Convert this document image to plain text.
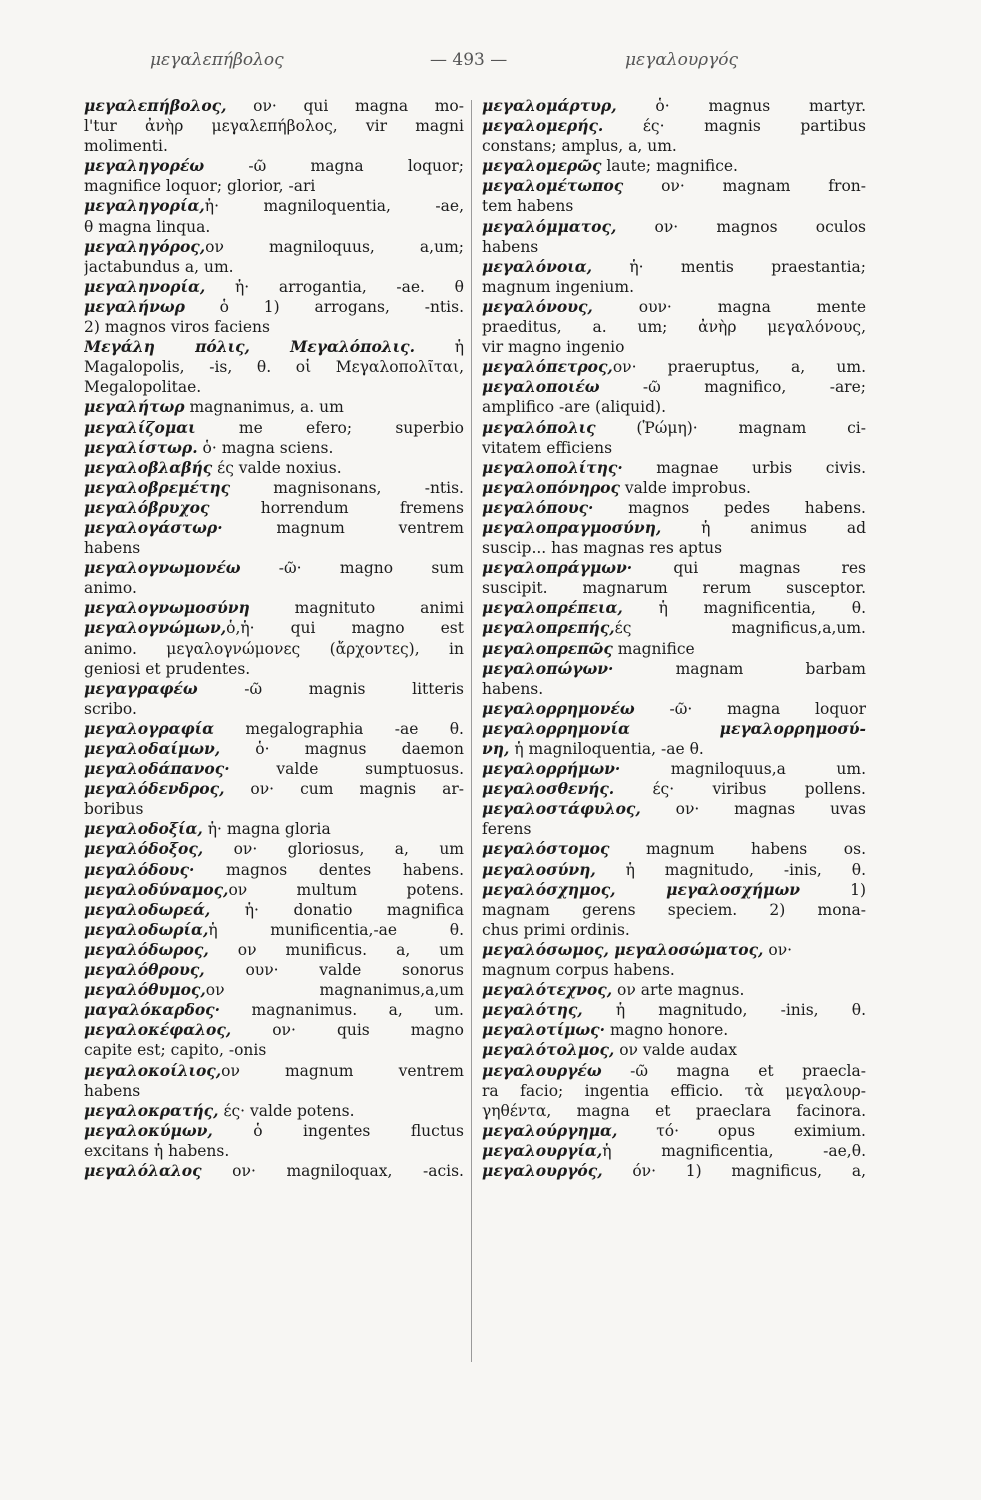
μεγαλεπήβολος	— 493 —	μεγαλουργός
μεγαλεπήβολος, ον· qui magna mo-
l'tur ἀνὴρ μεγαλεπήβολος, vir magni
molimenti.
μεγαληγορέω -ῶ magna loquor;
magnifice loquor; glorior, -ari
μεγαληγορία,ἡ· magniloquentia, -ae,
θ magna linqua.
μεγαληγόρος,ον magniloquus, a,um;
jactabundus a, um.
μεγαληνορία, ἡ· arrogantia, -ae. θ
μεγαλήνωρ ὁ 1) arrogans, -ntis.
2) magnos viros faciens
Μεγάλη πόλις, Μεγαλόπολις. ἡ
Magalopolis, -is, θ. οἱ Μεγαλοπολῖται,
Megalopolitae.
μεγαλήτωρ magnanimus, a. um
μεγαλίζομαι me efero; superbio
μεγαλίστωρ. ὁ· magna sciens.
μεγαλοβλαβής ές valde noxius.
μεγαλοβρεμέτης magnisonans, -ntis.
μεγαλόβρυχος horrendum fremens
μεγαλογάστωρ· magnum ventrem
habens
μεγαλογνωμονέω -ῶ· magno sum
animo.
μεγαλογνωμοσύνη magnituto animi
μεγαλογνώμων,ὁ,ἡ· qui magno est
animo. μεγαλογνώμονες (ἄρχοντες), in
geniosi et prudentes.
μεγαγραφέω -ῶ magnis litteris
scribo.
μεγαλογραφία megalographia -ae θ.
μεγαλοδαίμων, ὁ· magnus daemon
μεγαλοδάπανος· valde sumptuosus.
μεγαλόδενδρος, ον· cum magnis ar-
boribus
μεγαλοδοξία, ἡ· magna gloria
μεγαλόδοξος, ον· gloriosus, a, um
μεγαλόδους· magnos dentes habens.
μεγαλοδύναμος,ον multum potens.
μεγαλοδωρεά, ἡ· donatio magnifica
μεγαλοδωρία,ἡ munificentia,-ae θ.
μεγαλόδωρος, ον munificus. a, um
μεγαλόθρους, ουν· valde sonorus
μεγαλόθυμος,ον magnanimus,a,um
μαγαλόκαρδος· magnanimus. a, um.
μεγαλοκέφαλος, ον· quis magno
capite est; capito, -onis
μεγαλοκοίλιος,ον magnum ventrem
habens
μεγαλοκρατής, ές· valde potens.
μεγαλοκύμων, ὁ ingentes fluctus
excitans ἡ habens.
μεγαλόλαλος ον· magniloquax, -acis.
μεγαλομάρτυρ, ὁ· magnus martyr.
μεγαλομερής. ές· magnis partibus
constans; amplus, a, um.
μεγαλομερῶς laute; magnifice.
μεγαλομέτωπος ον· magnam fron-
tem habens
μεγαλόμματος, ον· magnos oculos
habens
μεγαλόνοια, ἡ· mentis praestantia;
magnum ingenium.
μεγαλόνους, ουν· magna mente
praeditus, a. um; ἀνὴρ μεγαλόνους,
vir magno ingenio
μεγαλόπετρος,ον· praeruptus, a, um.
μεγαλοποιέω -ῶ magnifico, -are;
amplifico -are (aliquid).
μεγαλόπολις (Ῥώμη)· magnam ci-
vitatem efficiens
μεγαλοπολίτης· magnae urbis civis.
μεγαλοπόνηρος valde improbus.
μεγαλόπους· magnos pedes habens.
μεγαλοπραγμοσύνη, ἡ animus ad
suscip... has magnas res aptus
μεγαλοπράγμων· qui magnas res
suscipit. magnarum rerum susceptor.
μεγαλοπρέπεια, ἡ magnificentia, θ.
μεγαλοπρεπής,ές magnificus,a,um.
μεγαλοπρεπῶς magnifice
μεγαλοπώγων· magnam barbam
habens.
μεγαλορρημονέω -ῶ· magna loquor
μεγαλορρημονία μεγαλορρημοσύ-
νη, ἡ magniloquentia, -ae θ.
μεγαλορρήμων· magniloquus,a um.
μεγαλοσθενής. ές· viribus pollens.
μεγαλοστάφυλος, ον· magnas uvas
ferens
μεγαλόστομος magnum habens os.
μεγαλοσύνη, ἡ magnitudo, -inis, θ.
μεγαλόσχημος, μεγαλοσχήμων 1)
magnam gerens speciem. 2) mona-
chus primi ordinis.
μεγαλόσωμος, μεγαλοσώματος, ον·
magnum corpus habens.
μεγαλότεχνος, ον arte magnus.
μεγαλότης, ἡ magnitudo, -inis, θ.
μεγαλοτίμως· magno honore.
μεγαλότολμος, ον valde audax
μεγαλουργέω -ῶ magna et praecla-
ra facio; ingentia efficio. τὰ μεγαλουρ-
γηθέντα, magna et praeclara facinora.
μεγαλούργημα, τό· opus eximium.
μεγαλουργία,ἡ magnificentia, -ae,θ.
μεγαλουργός, όν· 1) magnificus, a,
